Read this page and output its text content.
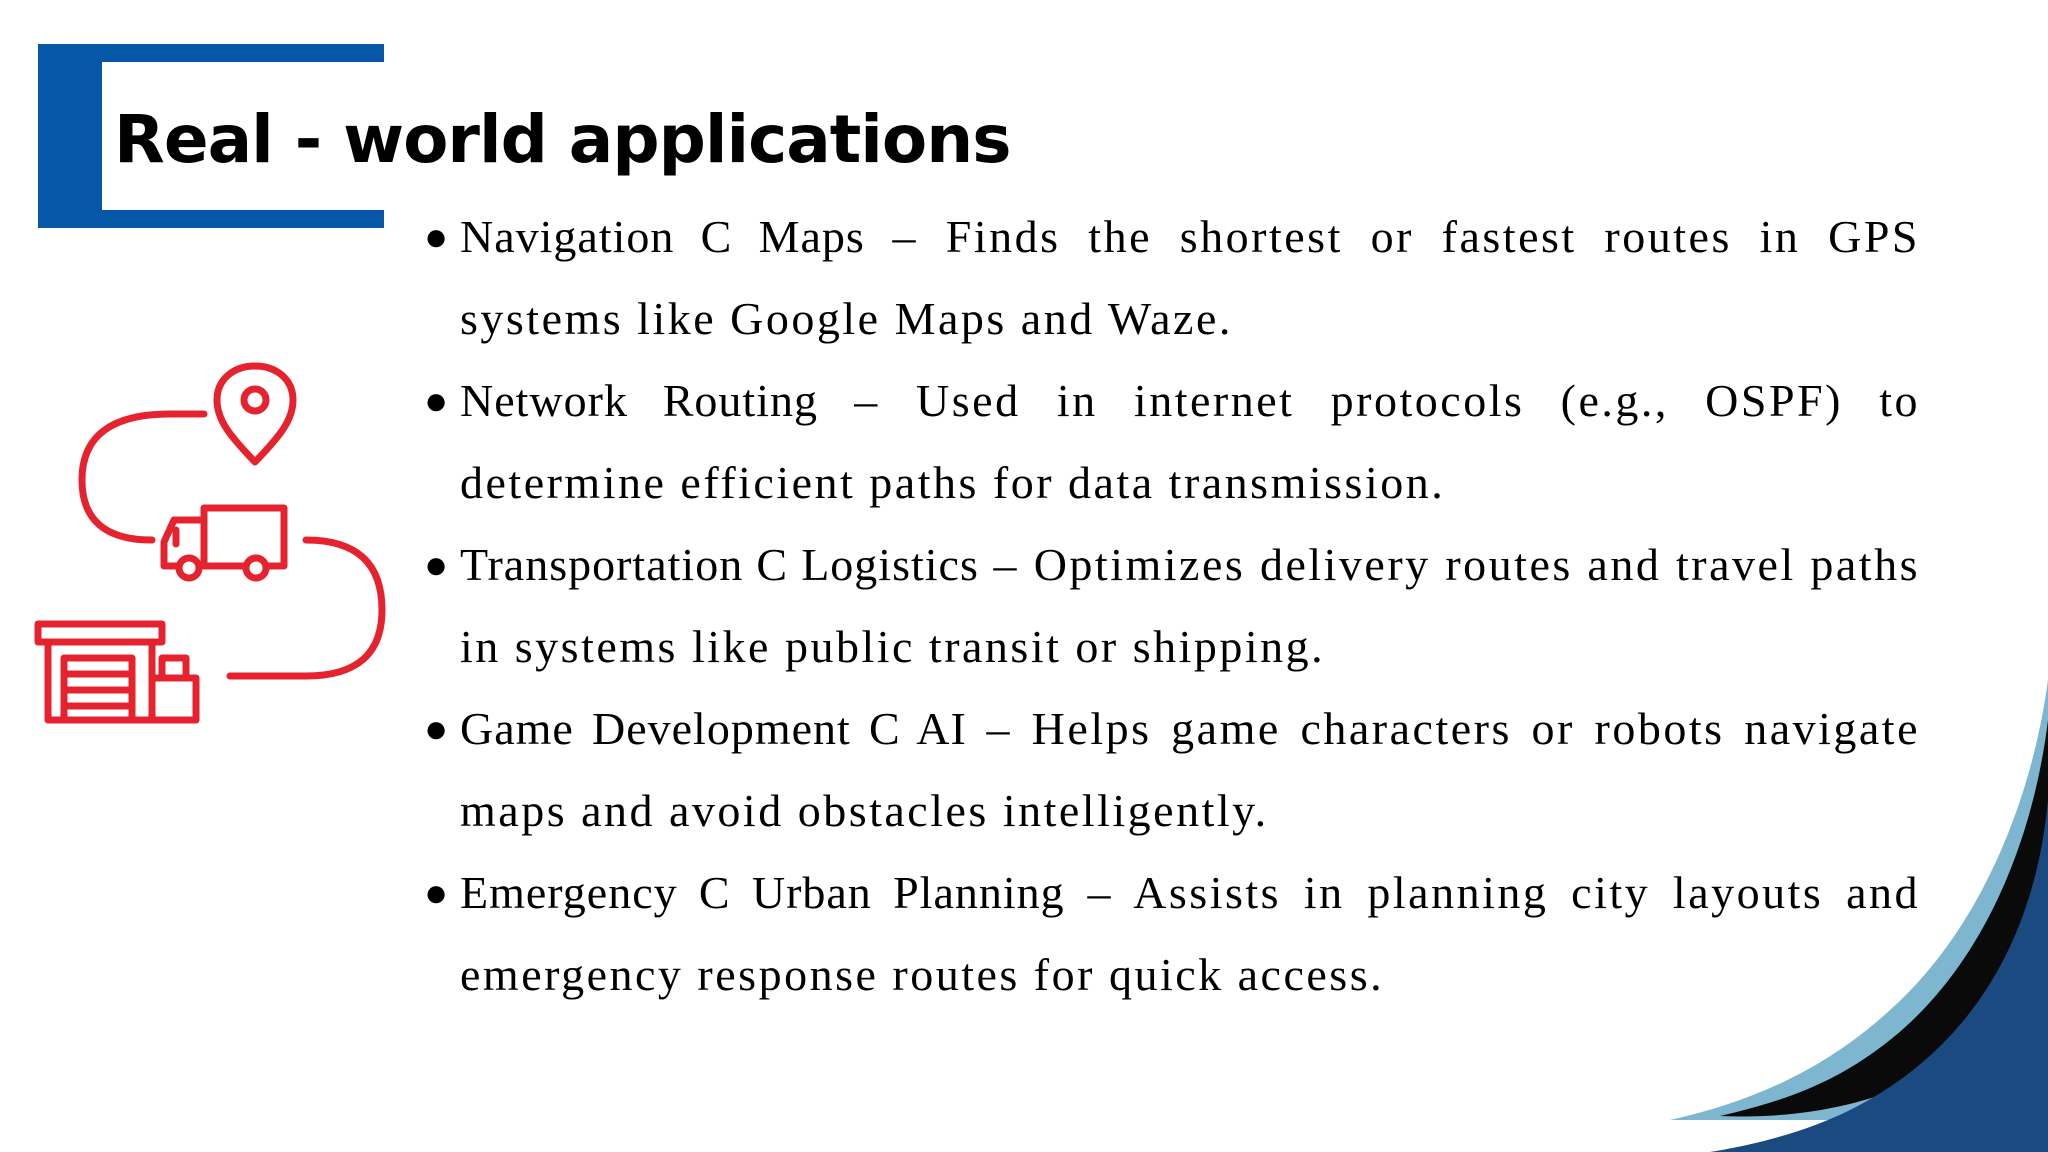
Real - world applications
● Navigation C Maps – Finds the shortest or fastest routes in GPS systems like Google Maps and Waze.
● Network Routing – Used in internet protocols (e.g., OSPF) to determine efficient paths for data transmission.
● Transportation C Logistics – Optimizes delivery routes and travel paths in systems like public transit or shipping.
● Game Development C AI – Helps game characters or robots navigate maps and avoid obstacles intelligently.
● Emergency C Urban Planning – Assists in planning city layouts and emergency response routes for quick access.
